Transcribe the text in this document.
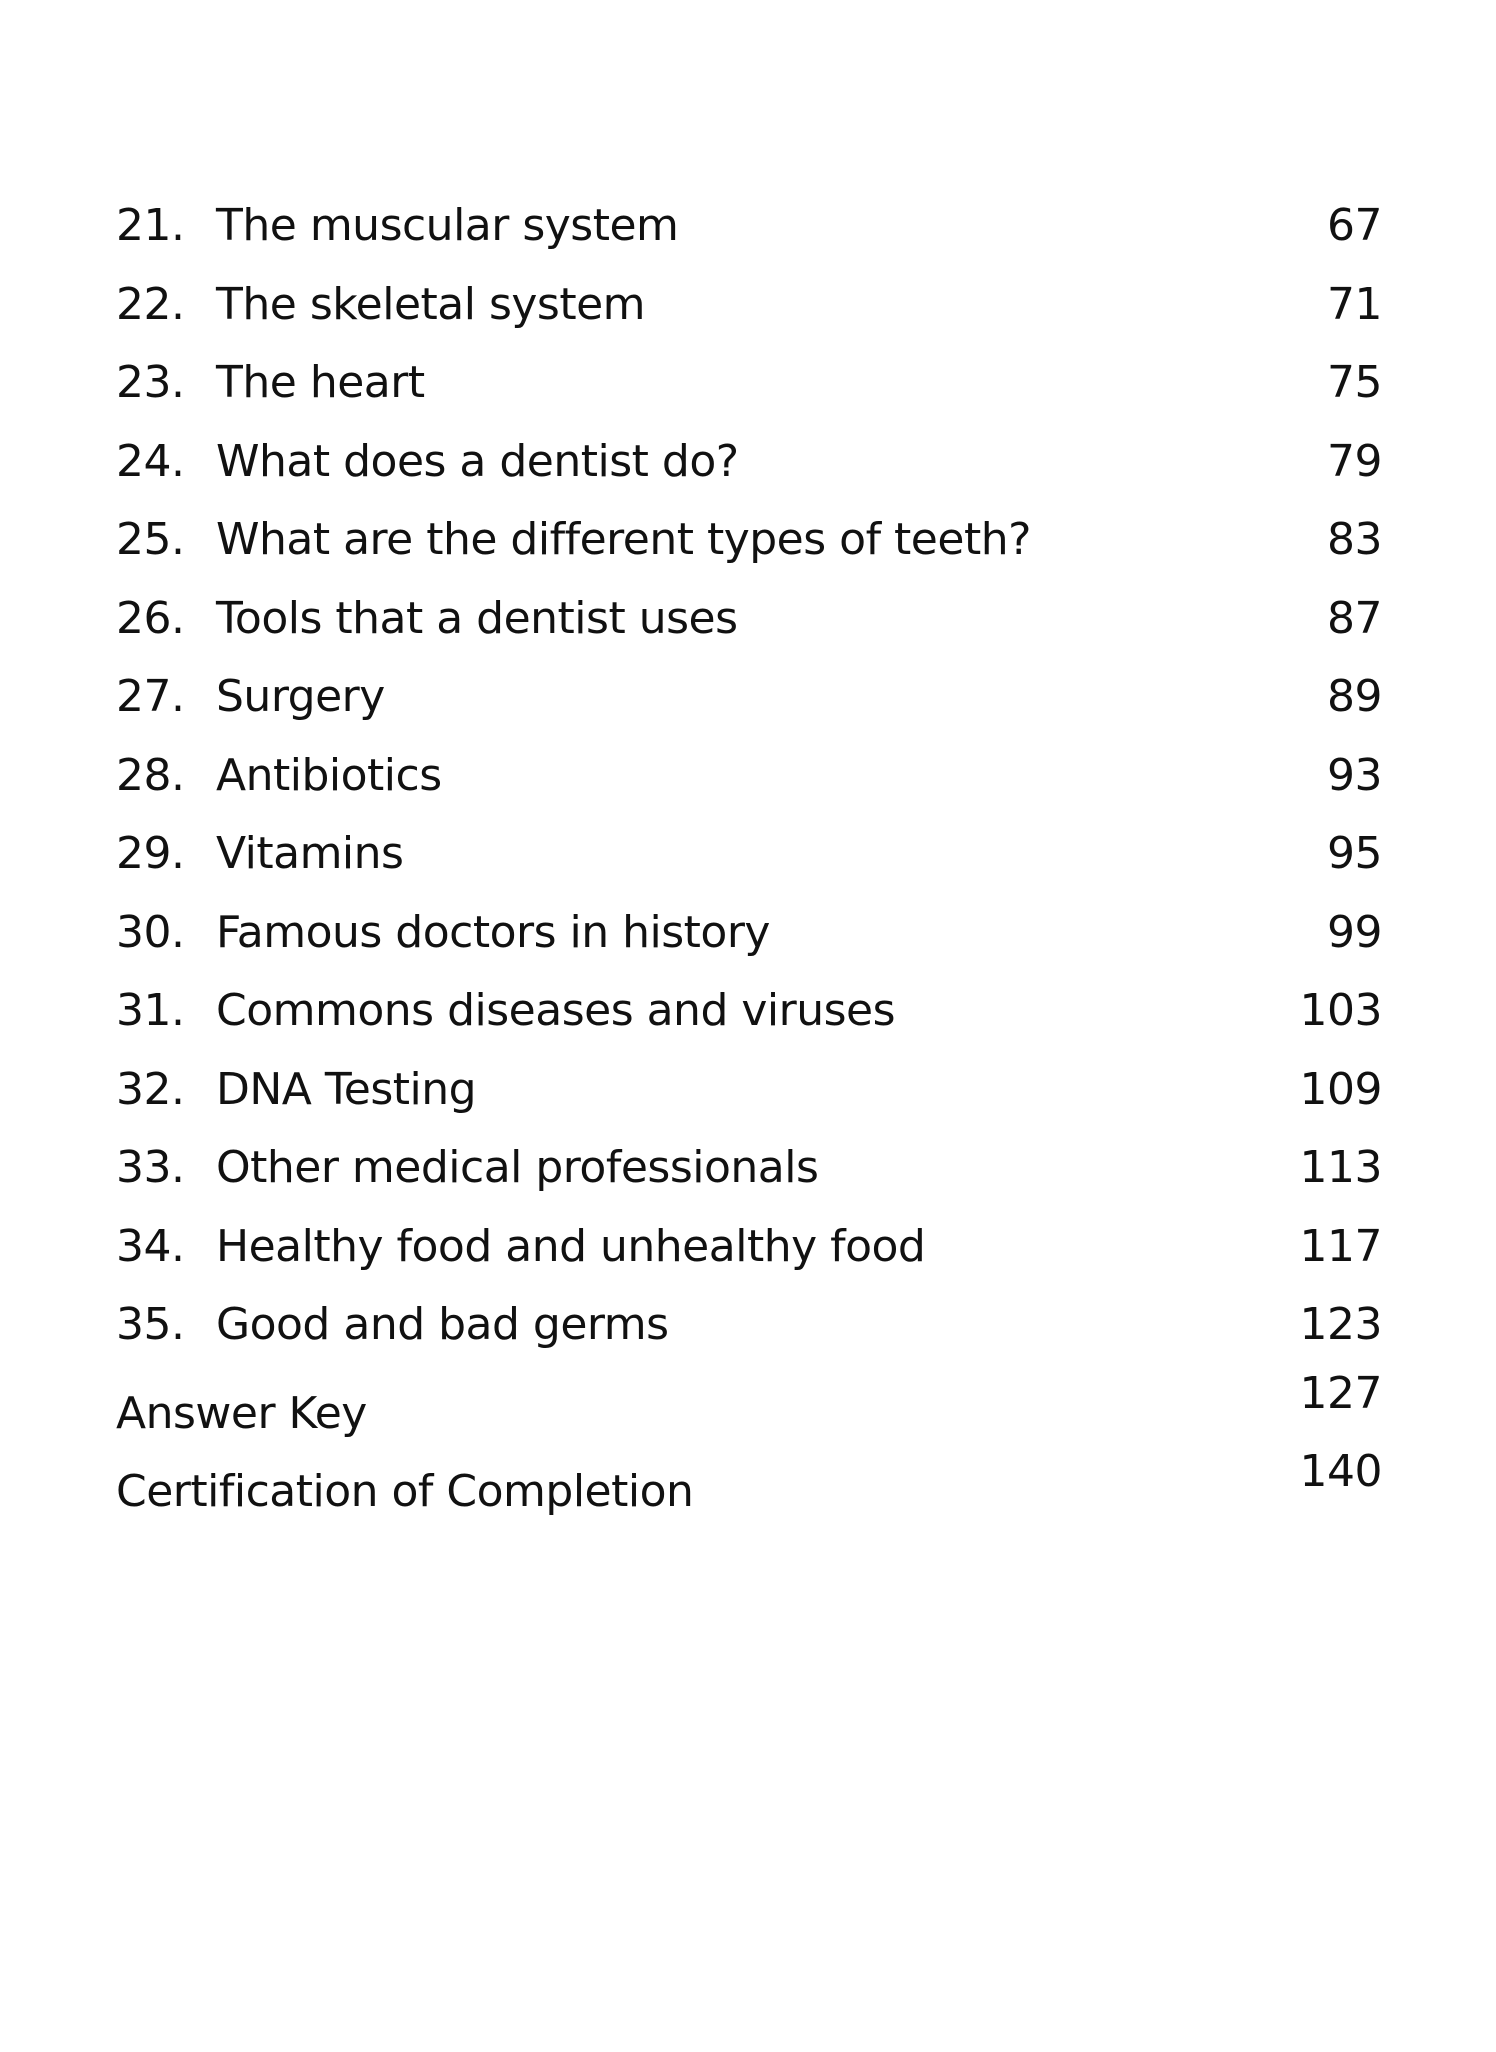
21. The muscular system	67
22. The skeletal system	71
23. The heart	75
24. What does a dentist do?	79
25. What are the different types of teeth?	83
26. Tools that a dentist uses	87
27. Surgery	89
28. Antibiotics	93
29. Vitamins	95
30. Famous doctors in history	99
31. Commons diseases and viruses	103
32. DNA Testing	109
33. Other medical professionals	113
34. Healthy food and unhealthy food	117
35. Good and bad germs	123
Answer Key	127
Certification of Completion	140
